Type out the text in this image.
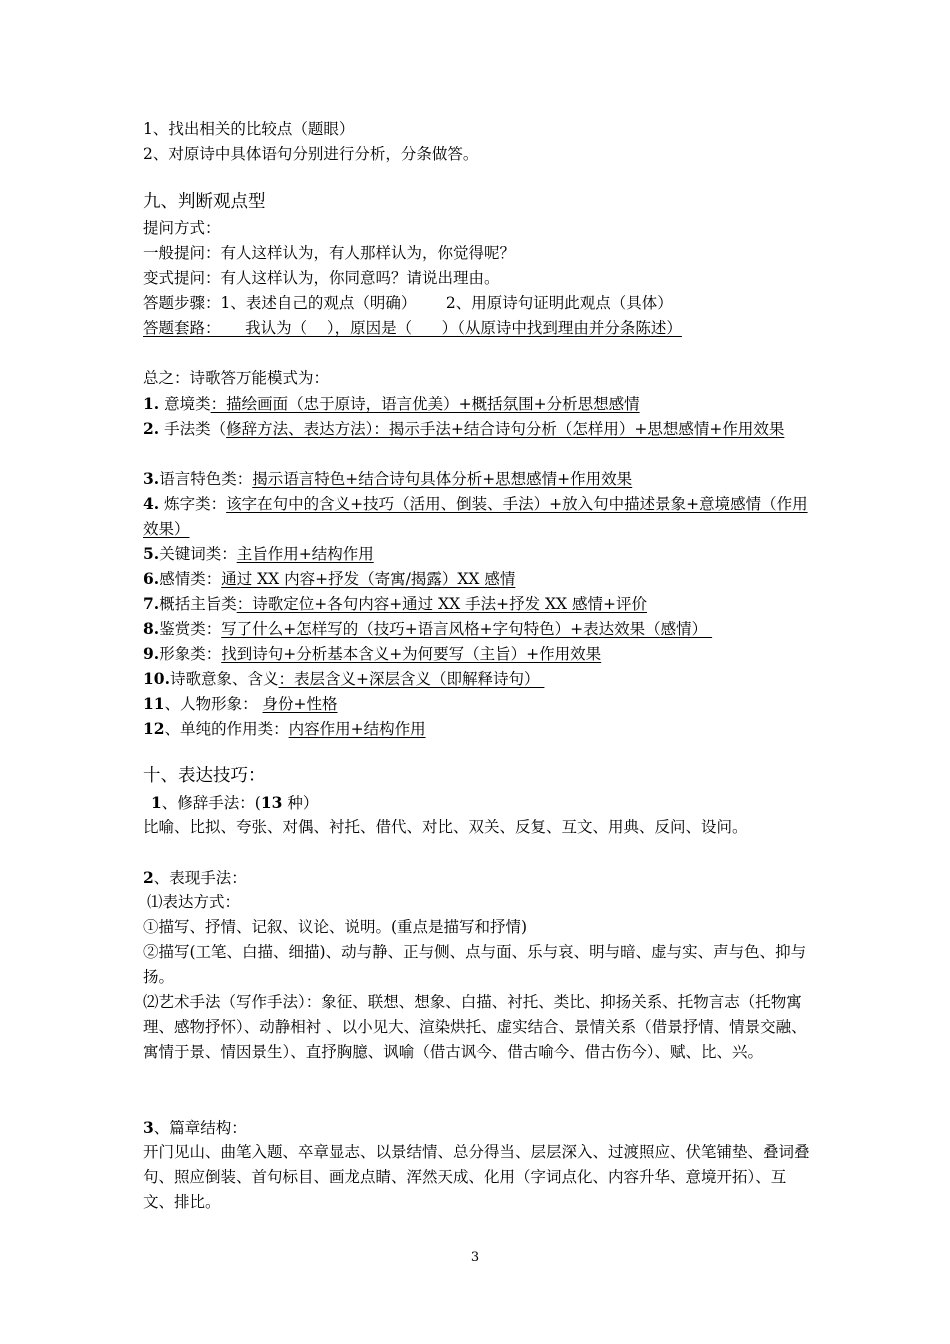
1、找出相关的比较点（题眼）
2、对原诗中具体语句分别进行分析，分条做答。
九、判断观点型
提问方式：
一般提问：有人这样认为，有人那样认为，你觉得呢？
变式提问：有人这样认为，你同意吗？请说出理由。
答题步骤：1、表述自己的观点（明确）      2、用原诗句证明此观点（具体）
答题套路：     我认为（    ），原因是（      ）（从原诗中找到理由并分条陈述）
总之：诗歌答万能模式为：
1. 意境类：描绘画面（忠于原诗，语言优美）+概括氛围+分析思想感情
2. 手法类（修辞方法、表达方法）：揭示手法+结合诗句分析（怎样用）+思想感情+作用效果
3.语言特色类：揭示语言特色+结合诗句具体分析+思想感情+作用效果
4. 炼字类：该字在句中的含义+技巧（活用、倒装、手法）+放入句中描述景象+意境感情（作用效果）
5.关键词类：主旨作用+结构作用
6.感情类：通过 XX 内容+抒发（寄寓/揭露）XX 感情
7.概括主旨类：诗歌定位+各句内容+通过 XX 手法+抒发 XX 感情+评价
8.鉴赏类：写了什么+怎样写的（技巧+语言风格+字句特色）+表达效果（感情）
9.形象类：找到诗句+分析基本含义+为何要写（主旨）+作用效果
10.诗歌意象、含义：表层含义+深层含义（即解释诗句）
11、人物形象： 身份+性格
12、单纯的作用类：内容作用+结构作用
十、表达技巧：
1、修辞手法：(13 种）
比喻、比拟、夸张、对偶、衬托、借代、对比、双关、反复、互文、用典、反问、设问。
2、表现手法：
⑴表达方式：
①描写、抒情、记叙、议论、说明。(重点是描写和抒情)
②描写(工笔、白描、细描)、动与静、正与侧、点与面、乐与哀、明与暗、虚与实、声与色、抑与扬。
⑵艺术手法（写作手法）：象征、联想、想象、白描、衬托、类比、抑扬关系、托物言志（托物寓理、感物抒怀）、动静相衬 、以小见大、渲染烘托、虚实结合、景情关系（借景抒情、情景交融、寓情于景、情因景生）、直抒胸臆、讽喻（借古讽今、借古喻今、借古伤今）、赋、比、兴。
3、篇章结构：
开门见山、曲笔入题、卒章显志、以景结情、总分得当、层层深入、过渡照应、伏笔铺垫、叠词叠句、照应倒装、首句标目、画龙点睛、浑然天成、化用（字词点化、内容升华、意境开拓）、互文、排比。
3
